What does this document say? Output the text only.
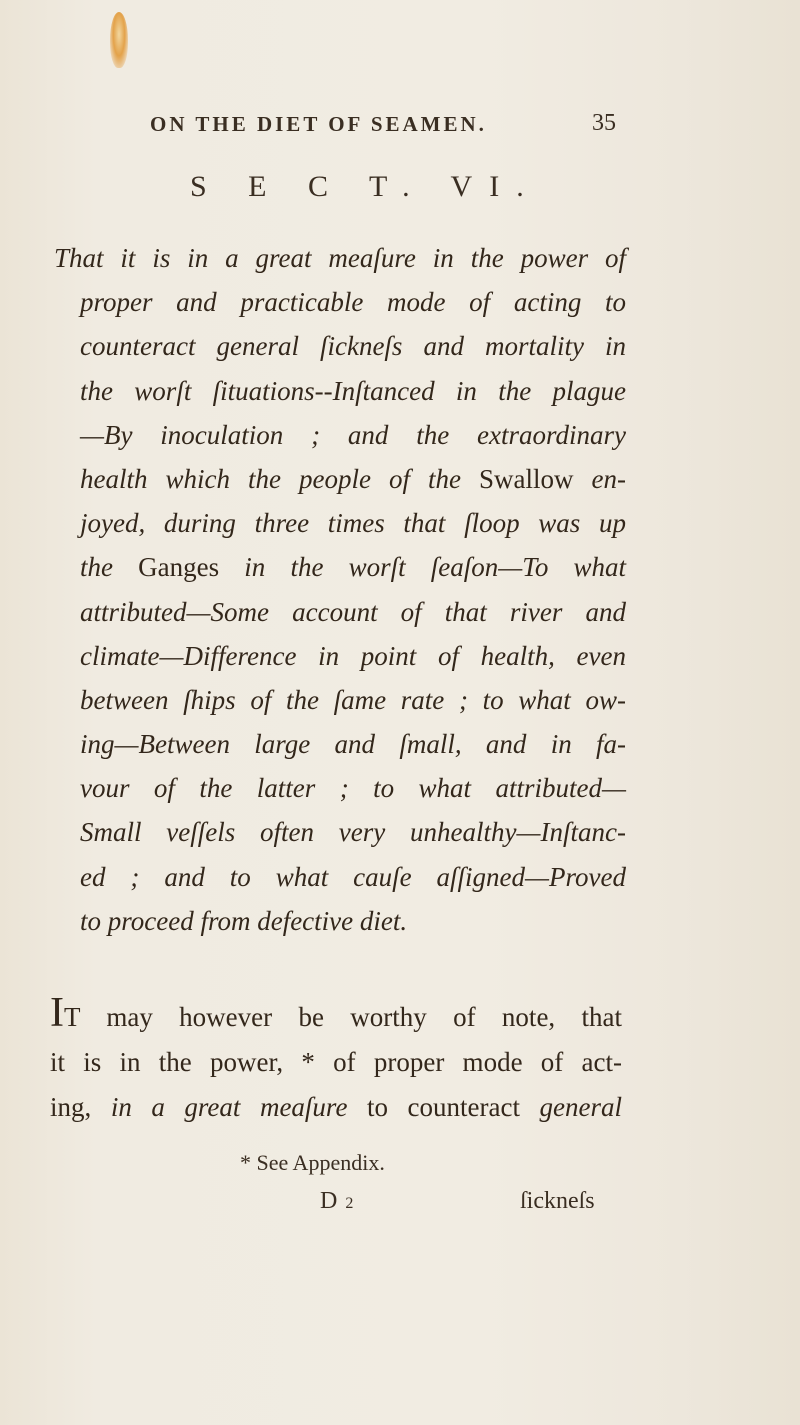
ON THE DIET OF SEAMEN.	35
S E C T. VI.
That it is in a great meaſure in the power of
proper and practicable mode of acting to
counteract general ſickneſs and mortality in
the worſt ſituations--Inſtanced in the plague
—By inoculation ; and the extraordinary
health which the people of the Swallow en-
joyed, during three times that ſloop was up
the Ganges in the worſt ſeaſon—To what
attributed—Some account of that river and
climate—Difference in point of health, even
between ſhips of the ſame rate ; to what ow-
ing—Between large and ſmall, and in fa-
vour of the latter ; to what attributed—
Small veſſels often very unhealthy—Inſtanc-
ed ; and to what cauſe aſſigned—Proved
to proceed from defective diet.
IT may however be worthy of note, that
it is in the power, * of proper mode of act-
ing, in a great meaſure to counteract general
* See Appendix.
D 2	ſickneſs
